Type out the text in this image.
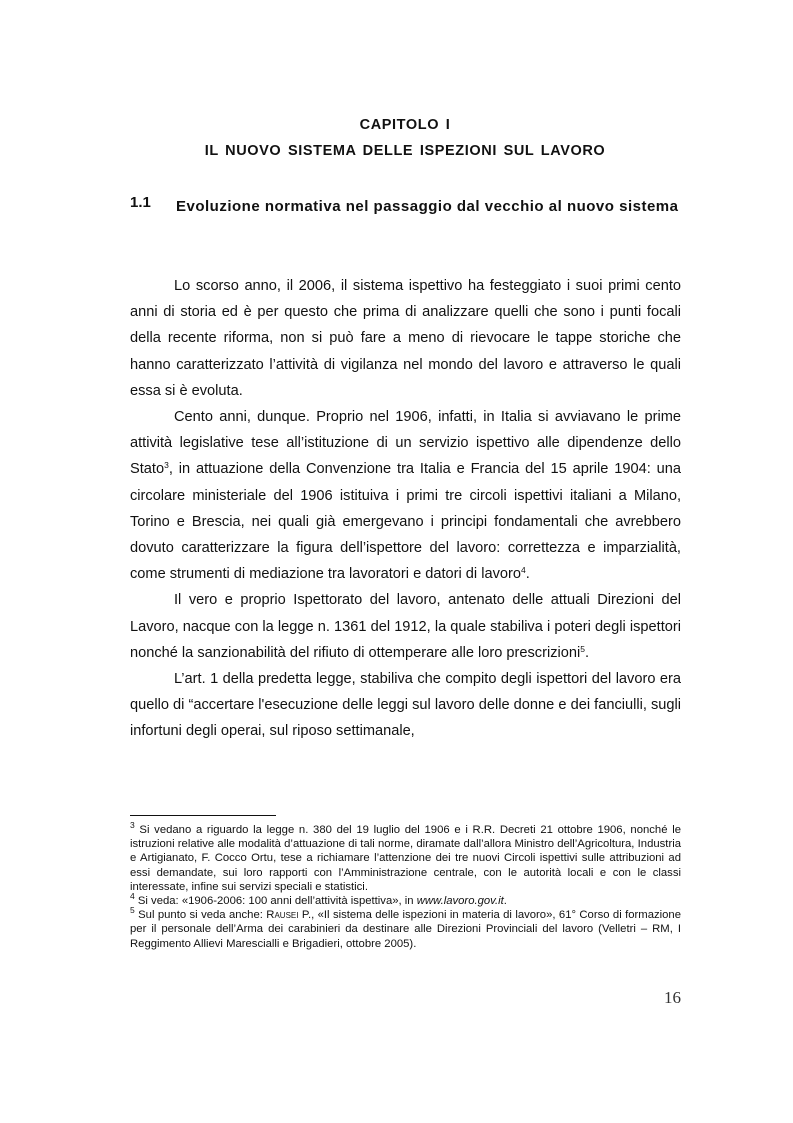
CAPITOLO I
IL NUOVO SISTEMA DELLE ISPEZIONI SUL LAVORO
1.1 Evoluzione normativa nel passaggio dal vecchio al nuovo sistema

Lo scorso anno, il 2006, il sistema ispettivo ha festeggiato i suoi primi cento anni di storia ed è per questo che prima di analizzare quelli che sono i punti focali della recente riforma, non si può fare a meno di rievocare le tappe storiche che hanno caratterizzato l’attività di vigilanza nel mondo del lavoro e attraverso le quali essa si è evoluta.

Cento anni, dunque. Proprio nel 1906, infatti, in Italia si avviavano le prime attività legislative tese all’istituzione di un servizio ispettivo alle dipendenze dello Stato$^3$, in attuazione della Convenzione tra Italia e Francia del 15 aprile 1904: una circolare ministeriale del 1906 istituiva i primi tre circoli ispettivi italiani a Milano, Torino e Brescia, nei quali già emergevano i principi fondamentali che avrebbero dovuto caratterizzare la figura dell’ispettore del lavoro: correttezza e imparzialità, come strumenti di mediazione tra lavoratori e datori di lavoro$^4$.

Il vero e proprio Ispettorato del lavoro, antenato delle attuali Direzioni del Lavoro, nacque con la legge n. 1361 del 1912, la quale stabiliva i poteri degli ispettori nonché la sanzionabilità del rifiuto di ottemperare alle loro prescrizioni$^5$.

L’art. 1 della predetta legge, stabiliva che compito degli ispettori del lavoro era quello di “accertare l'esecuzione delle leggi sul lavoro delle donne e dei fanciulli, sugli infortuni degli operai, sul riposo settimanale,

$^3$ Si vedano a riguardo la legge n. 380 del 19 luglio del 1906 e i R.R. Decreti 21 ottobre 1906, nonché le istruzioni relative alle modalità d’attuazione di tali norme, diramate dall’allora Ministro dell’Agricoltura, Industria e Artigianato, F. Cocco Ortu, tese a richiamare l’attenzione dei tre nuovi Circoli ispettivi sulle attribuzioni ad essi demandate, sui loro rapporti con l’Amministrazione centrale, con le autorità locali e con le classi interessate, infine sui servizi speciali e statistici.

$^4$ Si veda: «1906-2006: 100 anni dell’attività ispettiva», in www.lavoro.gov.it.

$^5$ Sul punto si veda anche: Rausei P., «Il sistema delle ispezioni in materia di lavoro», 61° Corso di formazione per il personale dell’Arma dei carabinieri da destinare alle Direzioni Provinciali del lavoro (Velletri – RM, I Reggimento Allievi Marescialli e Brigadieri, ottobre 2005).

16
